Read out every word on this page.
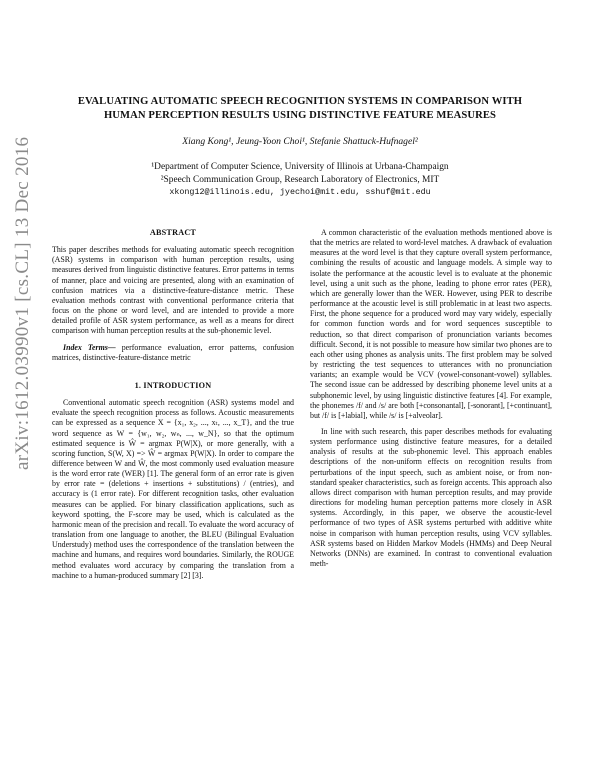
arXiv:1612.03990v1 [cs.CL] 13 Dec 2016
EVALUATING AUTOMATIC SPEECH RECOGNITION SYSTEMS IN COMPARISON WITH HUMAN PERCEPTION RESULTS USING DISTINCTIVE FEATURE MEASURES
Xiang Kong¹, Jeung-Yoon Choi¹, Stefanie Shattuck-Hufnagel²
¹Department of Computer Science, University of Illinois at Urbana-Champaign
²Speech Communication Group, Research Laboratory of Electronics, MIT
xkong12@illinois.edu, jyechoi@mit.edu, sshuf@mit.edu
ABSTRACT

This paper describes methods for evaluating automatic speech recognition (ASR) systems in comparison with human perception results, using measures derived from linguistic distinctive features. Error patterns in terms of manner, place and voicing are presented, along with an examination of confusion matrices via a distinctive-feature-distance metric. These evaluation methods contrast with conventional performance criteria that focus on the phone or word level, and are intended to provide a more detailed profile of ASR system performance, as well as a means for direct comparison with human perception results at the sub-phonemic level.

Index Terms— performance evaluation, error patterns, confusion matrices, distinctive-feature-distance metric

1. INTRODUCTION

Conventional automatic speech recognition (ASR) systems model and evaluate the speech recognition process as follows. Acoustic measurements can be expressed as a sequence X = {x₁, x₂, ..., xₜ, ..., x_T}, and the true word sequence as W = {w₁, w₂, wₙ, ..., w_N}, so that the optimum estimated sequence is Ŵ = argmax P(W|X), or more generally, with a scoring function, S(W, X) => Ŵ = argmax P(W|X). In order to compare the difference between W and Ŵ, the most commonly used evaluation measure is the word error rate (WER) [1]. The general form of an error rate is given by error rate = (deletions + insertions + substitutions) / (entries), and accuracy is (1 error rate). For different recognition tasks, other evaluation measures can be applied. For binary classification applications, such as keyword spotting, the F-score may be used, which is calculated as the harmonic mean of the precision and recall. To evaluate the word accuracy of translation from one language to another, the BLEU (Bilingual Evaluation Understudy) method uses the correspondence of the translation between the machine and humans, and requires word boundaries. Similarly, the ROUGE method evaluates word accuracy by comparing the translation from a machine to a human-produced summary [2] [3].

A common characteristic of the evaluation methods mentioned above is that the metrics are related to word-level matches. A drawback of evaluation measures at the word level is that they capture overall system performance, combining the results of acoustic and language models. A simple way to isolate the performance at the acoustic level is to evaluate at the phonemic level, using a unit such as the phone, leading to phone error rates (PER), which are generally lower than the WER. However, using PER to describe performance at the acoustic level is still problematic in at least two aspects. First, the phone sequence for a produced word may vary widely, especially for common function words and for word sequences susceptible to reduction, so that direct comparison of pronunciation variants becomes difficult. Second, it is not possible to measure how similar two phones are to each other using phones as analysis units. The first problem may be solved by restricting the test sequences to utterances with no pronunciation variants; an example would be VCV (vowel-consonant-vowel) syllables. The second issue can be addressed by describing phoneme level units at a subphonemic level, by using linguistic distinctive features [4]. For example, the phonemes /f/ and /s/ are both [+consonantal], [-sonorant], [+continuant], but /f/ is [+labial], while /s/ is [+alveolar].

In line with such research, this paper describes methods for evaluating system performance using distinctive feature measures, for a detailed analysis of results at the sub-phonemic level. This approach enables descriptions of the non-uniform effects on recognition results from perturbations of the input speech, such as ambient noise, or from non-standard speaker characteristics, such as foreign accents. This approach also allows direct comparison with human perception results, and may provide directions for modeling human perception patterns more closely in ASR systems. Accordingly, in this paper, we observe the acoustic-level performance of two types of ASR systems perturbed with additive white noise in comparison with human perception results, using VCV syllables. ASR systems based on Hidden Markov Models (HMMs) and Deep Neural Networks (DNNs) are examined. In contrast to conventional evaluation meth-
